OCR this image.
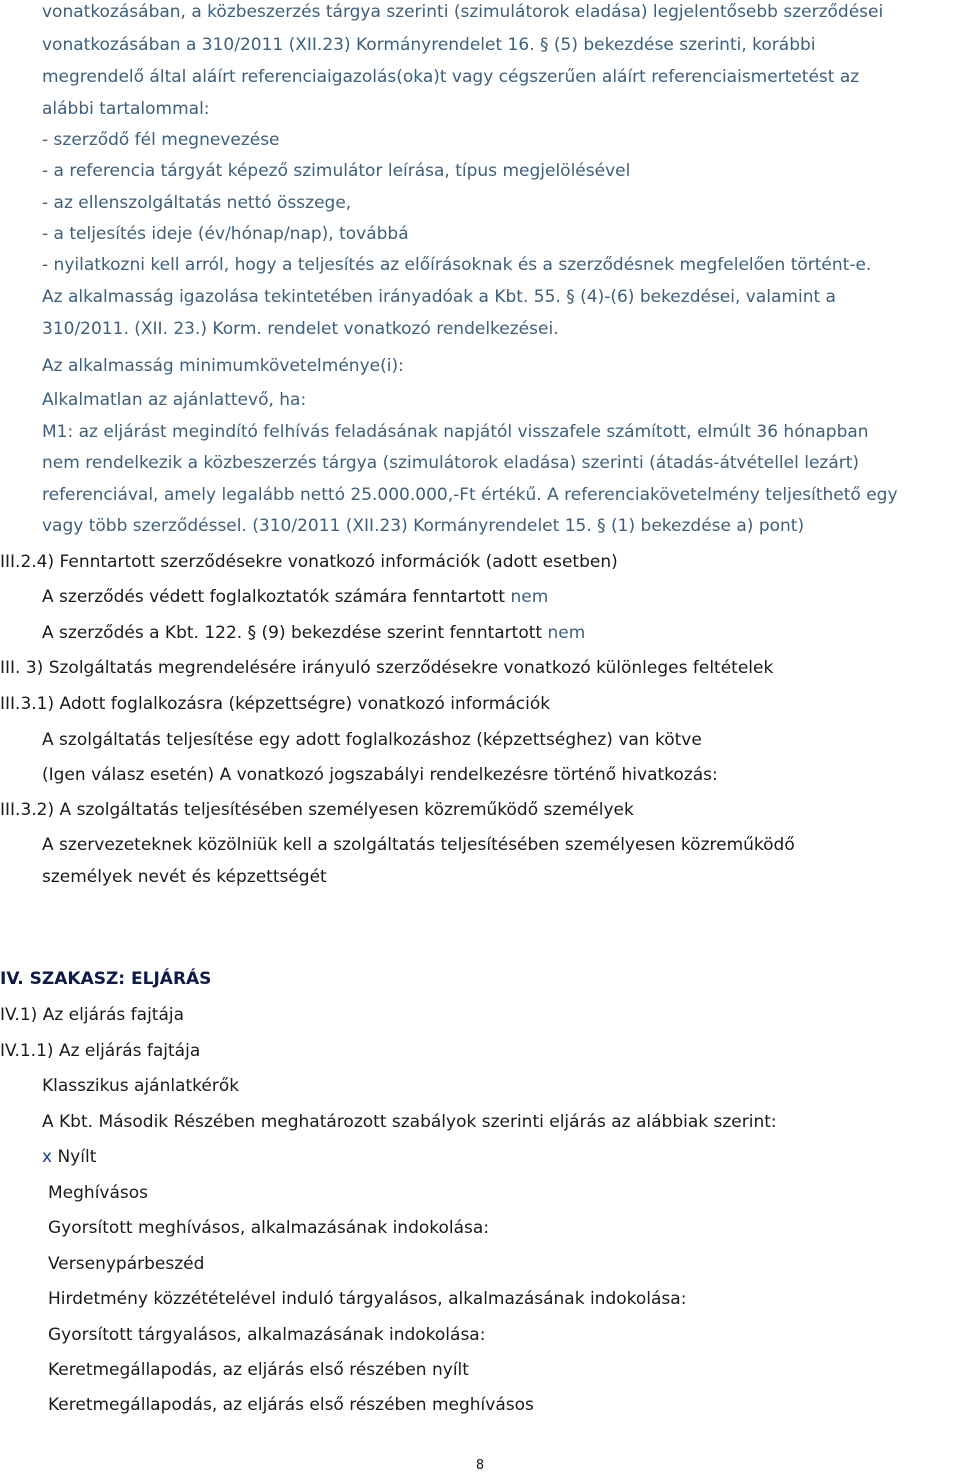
vonatkozásában, a közbeszerzés tárgya szerinti (szimulátorok eladása) legjelentősebb szerződései
vonatkozásában a 310/2011 (XII.23) Kormányrendelet 16. § (5) bekezdése szerinti, korábbi
megrendelő által aláírt referenciaigazolás(oka)t vagy cégszerűen aláírt referenciaismertetést az
alábbi tartalommal:
- szerződő fél megnevezése
- a referencia tárgyát képező szimulátor leírása, típus megjelölésével
- az ellenszolgáltatás nettó összege,
- a teljesítés ideje (év/hónap/nap), továbbá
- nyilatkozni kell arról, hogy a teljesítés az előírásoknak és a szerződésnek megfelelően történt-e.
Az alkalmasság igazolása tekintetében irányadóak a Kbt. 55. § (4)-(6) bekezdései, valamint a
310/2011. (XII. 23.) Korm. rendelet vonatkozó rendelkezései.
Az alkalmasság minimumkövetelménye(i):
Alkalmatlan az ajánlattevő, ha:
M1: az eljárást megindító felhívás feladásának napjától visszafele számított, elmúlt 36 hónapban
nem rendelkezik a közbeszerzés tárgya (szimulátorok eladása) szerinti (átadás-átvétellel lezárt)
referenciával, amely legalább nettó 25.000.000,-Ft értékű. A referenciakövetelmény teljesíthető egy
vagy több szerződéssel. (310/2011 (XII.23) Kormányrendelet 15. § (1) bekezdése a) pont)
III.2.4) Fenntartott szerződésekre vonatkozó információk (adott esetben)
A szerződés védett foglalkoztatók számára fenntartott nem
A szerződés a Kbt. 122. § (9) bekezdése szerint fenntartott nem
III. 3) Szolgáltatás megrendelésére irányuló szerződésekre vonatkozó különleges feltételek
III.3.1) Adott foglalkozásra (képzettségre) vonatkozó információk
A szolgáltatás teljesítése egy adott foglalkozáshoz (képzettséghez) van kötve
(Igen válasz esetén) A vonatkozó jogszabályi rendelkezésre történő hivatkozás:
III.3.2) A szolgáltatás teljesítésében személyesen közreműködő személyek
A szervezeteknek közölniük kell a szolgáltatás teljesítésében személyesen közreműködő
személyek nevét és képzettségét
IV. SZAKASZ: ELJÁRÁS
IV.1) Az eljárás fajtája
IV.1.1) Az eljárás fajtája
Klasszikus ajánlatkérők
A Kbt. Második Részében meghatározott szabályok szerinti eljárás az alábbiak szerint:
x Nyílt
Meghívásos
Gyorsított meghívásos, alkalmazásának indokolása:
Versenypárbeszéd
Hirdetmény közzétételével induló tárgyalásos, alkalmazásának indokolása:
Gyorsított tárgyalásos, alkalmazásának indokolása:
Keretmegállapodás, az eljárás első részében nyílt
Keretmegállapodás, az eljárás első részében meghívásos
8
